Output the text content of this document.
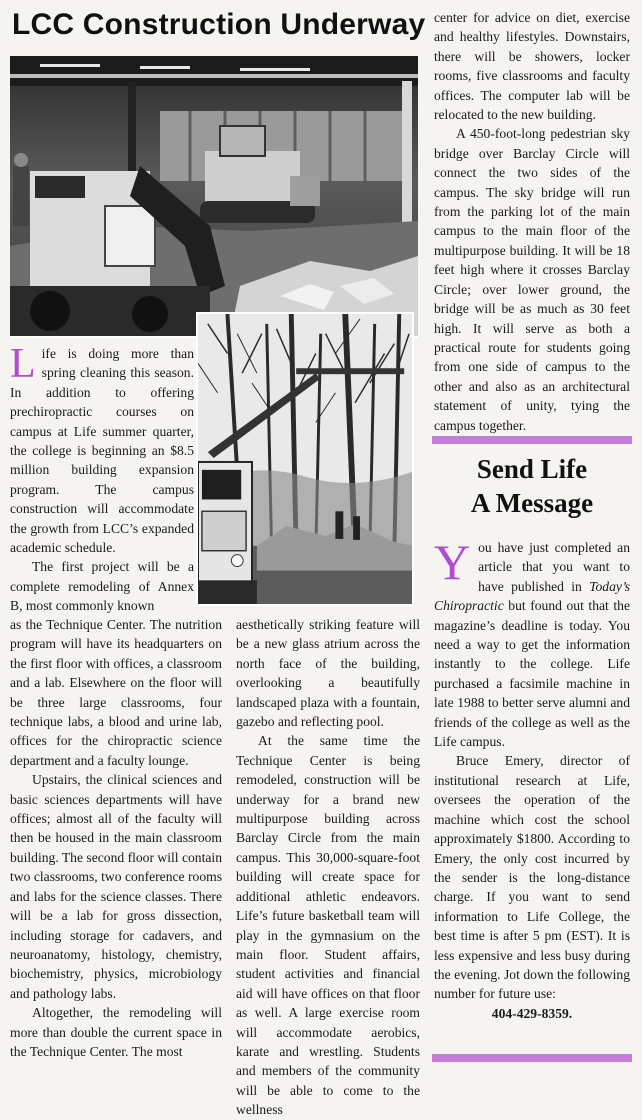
LCC Construction Underway

Life is doing more than spring cleaning this season. In addition to offering prechiropractic courses on campus at Life summer quarter, the college is beginning an $8.5 million building expansion program. The campus construction will accommodate the growth from LCC’s expanded academic schedule.

The first project will be a complete remodeling of Annex B, most commonly known

as the Technique Center. The nutrition program will have its headquarters on the first floor with offices, a classroom and a lab. Elsewhere on the floor will be three large classrooms, four technique labs, a blood and urine lab, offices for the chiropractic science department and a faculty lounge.

Upstairs, the clinical sciences and basic sciences departments will have offices; almost all of the faculty will then be housed in the main classroom building. The second floor will contain two classrooms, two conference rooms and labs for the science classes. There will be a lab for gross dissection, including storage for cadavers, and neuroanatomy, histology, chemistry, biochemistry, physics, microbiology and pathology labs.

Altogether, the remodeling will more than double the current space in the Technique Center. The most

aesthetically striking feature will be a new glass atrium across the north face of the building, overlooking a beautifully landscaped plaza with a fountain, gazebo and reflecting pool.

At the same time the Technique Center is being remodeled, construction will be underway for a brand new multipurpose building across Barclay Circle from the main campus. This 30,000-square-foot building will create space for additional athletic endeavors. Life’s future basketball team will play in the gymnasium on the main floor. Student affairs, student activities and financial aid will have offices on that floor as well. A large exercise room will accommodate aerobics, karate and wrestling. Students and members of the community will be able to come to the wellness

center for advice on diet, exercise and healthy lifestyles. Downstairs, there will be showers, locker rooms, five classrooms and faculty offices. The computer lab will be relocated to the new building.

A 450-foot-long pedestrian sky bridge over Barclay Circle will connect the two sides of the campus. The sky bridge will run from the parking lot of the main campus to the main floor of the multipurpose building. It will be 18 feet high where it crosses Barclay Circle; over lower ground, the bridge will be as much as 30 feet high. It will serve as both a practical route for students going from one side of campus to the other and also as an architectural statement of unity, tying the campus together.

Send Life
A Message

You have just completed an article that you want to have published in Today’s Chiropractic but found out that the magazine’s deadline is today. You need a way to get the information instantly to the college. Life purchased a facsimile machine in late 1988 to better serve alumni and friends of the college as well as the Life campus.

Bruce Emery, director of institutional research at Life, oversees the operation of the machine which cost the school approximately $1800. According to Emery, the only cost incurred by the sender is the long-distance charge. If you want to send information to Life College, the best time is after 5 pm (EST). It is less expensive and less busy during the evening. Jot down the following number for future use:

404-429-8359.
